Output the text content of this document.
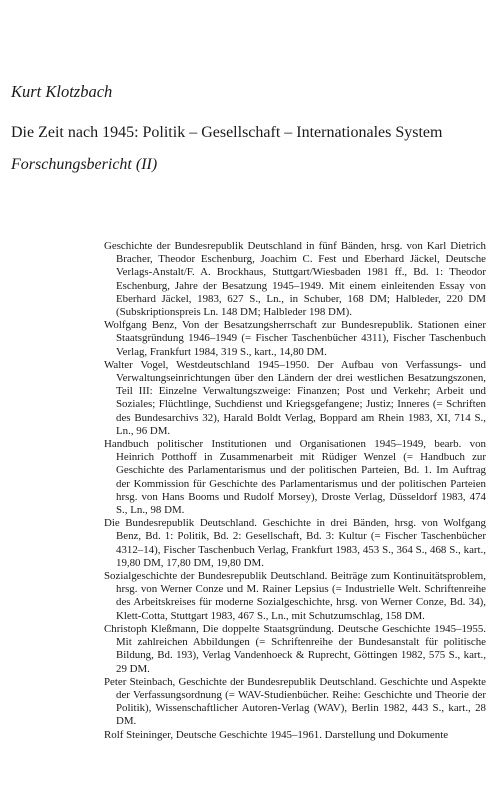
Kurt Klotzbach
Die Zeit nach 1945: Politik – Gesellschaft – Internationales System
Forschungsbericht (II)

Geschichte der Bundesrepublik Deutschland in fünf Bänden, hrsg. von Karl Dietrich Bracher, Theodor Eschenburg, Joachim C. Fest und Eberhard Jäckel, Deutsche Verlags-Anstalt/F. A. Brockhaus, Stuttgart/Wiesbaden 1981 ff., Bd. 1: Theodor Eschenburg, Jahre der Besatzung 1945–1949. Mit einem einleitenden Essay von Eberhard Jäckel, 1983, 627 S., Ln., in Schuber, 168 DM; Halbleder, 220 DM (Subskriptionspreis Ln. 148 DM; Halbleder 198 DM).

Wolfgang Benz, Von der Besatzungsherrschaft zur Bundesrepublik. Stationen einer Staatsgründung 1946–1949 (= Fischer Taschenbücher 4311), Fischer Taschenbuch Verlag, Frankfurt 1984, 319 S., kart., 14,80 DM.

Walter Vogel, Westdeutschland 1945–1950. Der Aufbau von Verfassungs- und Verwaltungseinrichtungen über den Ländern der drei westlichen Besatzungszonen, Teil III: Einzelne Verwaltungszweige: Finanzen; Post und Verkehr; Arbeit und Soziales; Flüchtlinge, Suchdienst und Kriegsgefangene; Justiz; Inneres (= Schriften des Bundesarchivs 32), Harald Boldt Verlag, Boppard am Rhein 1983, XI, 714 S., Ln., 96 DM.

Handbuch politischer Institutionen und Organisationen 1945–1949, bearb. von Heinrich Potthoff in Zusammenarbeit mit Rüdiger Wenzel (= Handbuch zur Geschichte des Parlamentarismus und der politischen Parteien, Bd. 1. Im Auftrag der Kommission für Geschichte des Parlamentarismus und der politischen Parteien hrsg. von Hans Booms und Rudolf Morsey), Droste Verlag, Düsseldorf 1983, 474 S., Ln., 98 DM.

Die Bundesrepublik Deutschland. Geschichte in drei Bänden, hrsg. von Wolfgang Benz, Bd. 1: Politik, Bd. 2: Gesellschaft, Bd. 3: Kultur (= Fischer Taschenbücher 4312–14), Fischer Taschenbuch Verlag, Frankfurt 1983, 453 S., 364 S., 468 S., kart., 19,80 DM, 17,80 DM, 19,80 DM.

Sozialgeschichte der Bundesrepublik Deutschland. Beiträge zum Kontinuitätsproblem, hrsg. von Werner Conze und M. Rainer Lepsius (= Industrielle Welt. Schriftenreihe des Arbeitskreises für moderne Sozialgeschichte, hrsg. von Werner Conze, Bd. 34), Klett-Cotta, Stuttgart 1983, 467 S., Ln., mit Schutzumschlag, 158 DM.

Christoph Kleßmann, Die doppelte Staatsgründung. Deutsche Geschichte 1945–1955. Mit zahlreichen Abbildungen (= Schriftenreihe der Bundesanstalt für politische Bildung, Bd. 193), Verlag Vandenhoeck & Ruprecht, Göttingen 1982, 575 S., kart., 29 DM.

Peter Steinbach, Geschichte der Bundesrepublik Deutschland. Geschichte und Aspekte der Verfassungsordnung (= WAV-Studienbücher. Reihe: Geschichte und Theorie der Politik), Wissenschaftlicher Autoren-Verlag (WAV), Berlin 1982, 443 S., kart., 28 DM.

Rolf Steininger, Deutsche Geschichte 1945–1961. Darstellung und Dokumente
